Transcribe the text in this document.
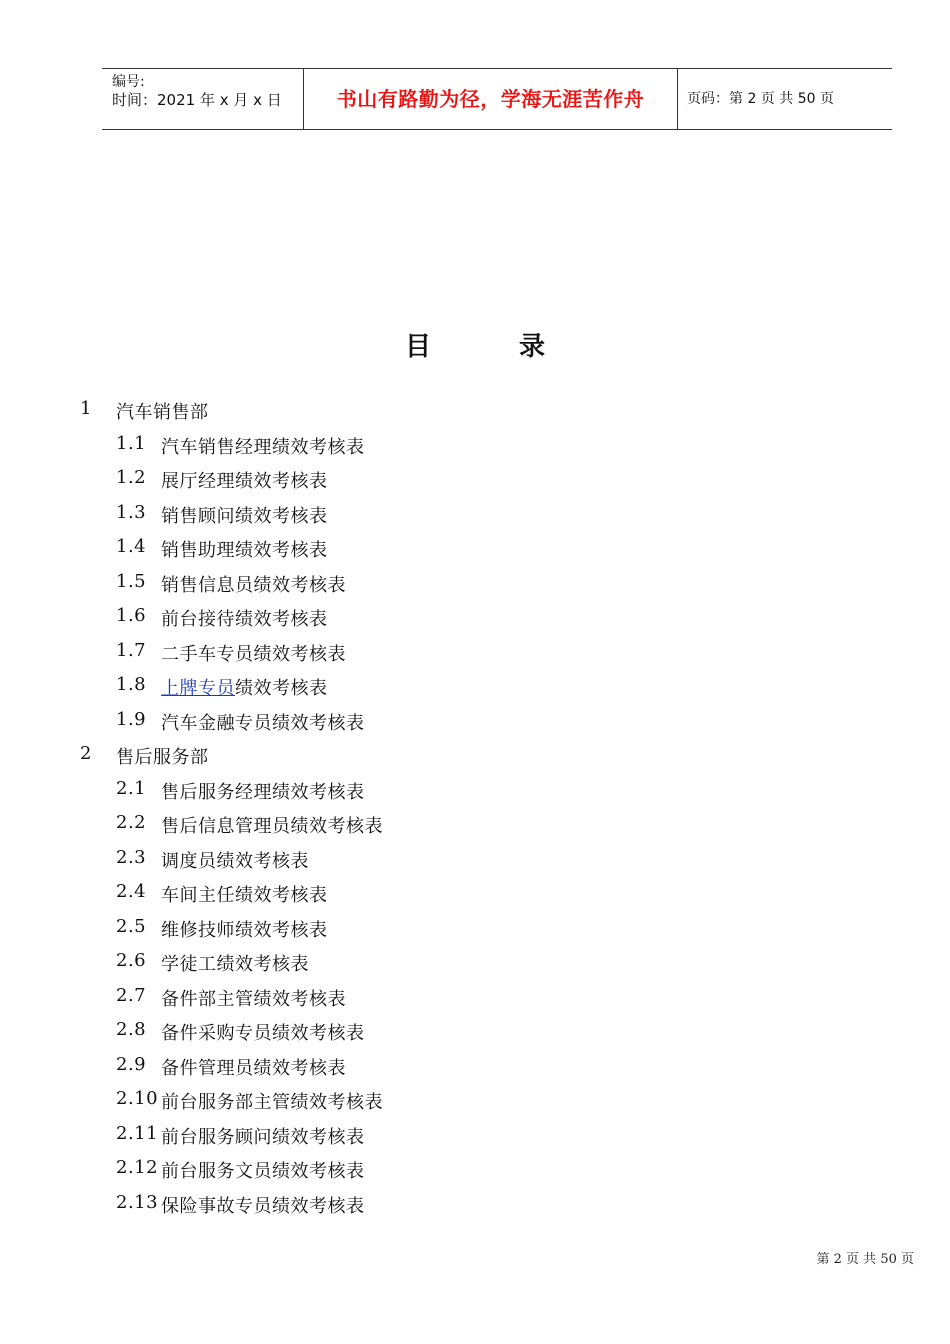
编号:
时间：2021 年 x 月 x 日	书山有路勤为径，学海无涯苦作舟	页码：第 2 页 共 50 页
目	录
1 汽车销售部
1.1 汽车销售经理绩效考核表
1.2 展厅经理绩效考核表
1.3 销售顾问绩效考核表
1.4 销售助理绩效考核表
1.5 销售信息员绩效考核表
1.6 前台接待绩效考核表
1.7 二手车专员绩效考核表
1.8 上牌专员绩效考核表
1.9 汽车金融专员绩效考核表
2 售后服务部
2.1 售后服务经理绩效考核表
2.2 售后信息管理员绩效考核表
2.3 调度员绩效考核表
2.4 车间主任绩效考核表
2.5 维修技师绩效考核表
2.6 学徒工绩效考核表
2.7 备件部主管绩效考核表
2.8 备件采购专员绩效考核表
2.9 备件管理员绩效考核表
2.10 前台服务部主管绩效考核表
2.11 前台服务顾问绩效考核表
2.12 前台服务文员绩效考核表
2.13 保险事故专员绩效考核表
第 2 页 共 50 页
